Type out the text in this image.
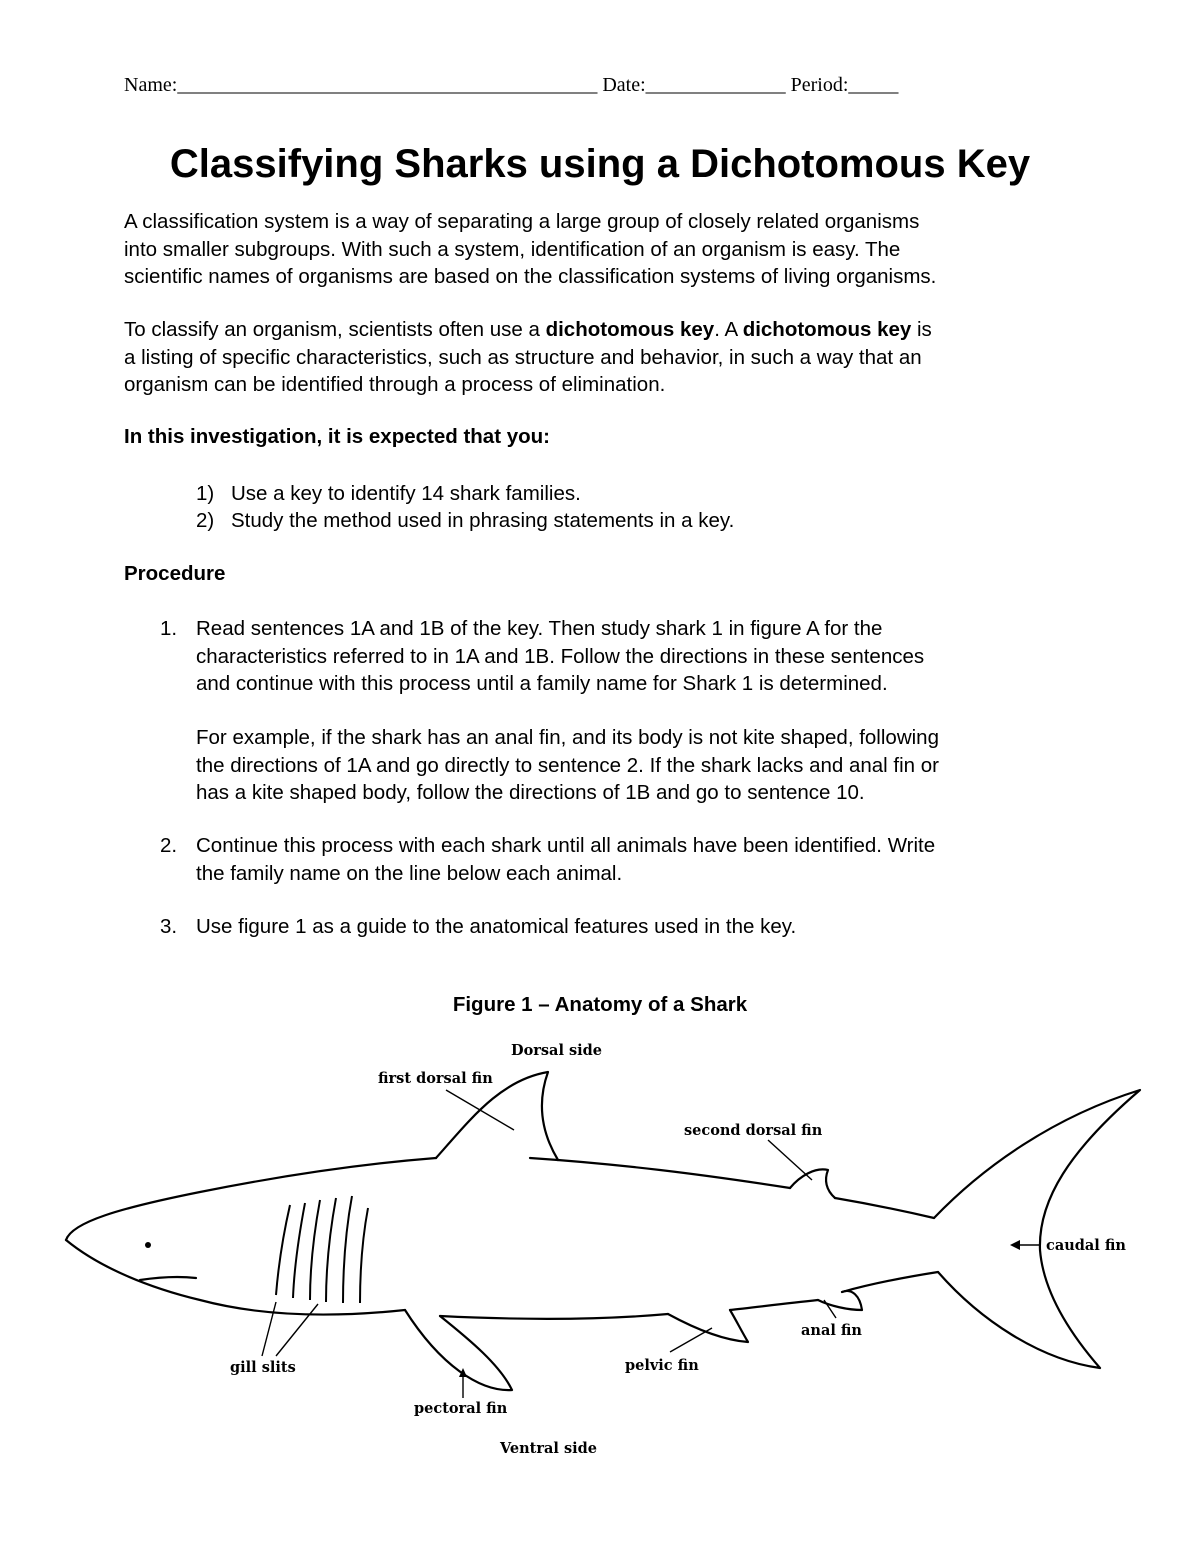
Name:__________________________________________ Date:______________ Period:_____
Classifying Sharks using a Dichotomous Key
A classification system is a way of separating a large group of closely related organisms
into smaller subgroups. With such a system, identification of an organism is easy. The
scientific names of organisms are based on the classification systems of living organisms.
To classify an organism, scientists often use a dichotomous key. A dichotomous key is
a listing of specific characteristics, such as structure and behavior, in such a way that an
organism can be identified through a process of elimination.
In this investigation, it is expected that you:
1) Use a key to identify 14 shark families.
2) Study the method used in phrasing statements in a key.
Procedure
1. Read sentences 1A and 1B of the key. Then study shark 1 in figure A for the
characteristics referred to in 1A and 1B. Follow the directions in these sentences
and continue with this process until a family name for Shark 1 is determined.
For example, if the shark has an anal fin, and its body is not kite shaped, following
the directions of 1A and go directly to sentence 2. If the shark lacks and anal fin or
has a kite shaped body, follow the directions of 1B and go to sentence 10.
2. Continue this process with each shark until all animals have been identified. Write
the family name on the line below each animal.
3. Use figure 1 as a guide to the anatomical features used in the key.
Figure 1 – Anatomy of a Shark
Dorsal side
first dorsal fin
second dorsal fin
caudal fin
anal fin
pelvic fin
gill slits
pectoral fin
Ventral side
